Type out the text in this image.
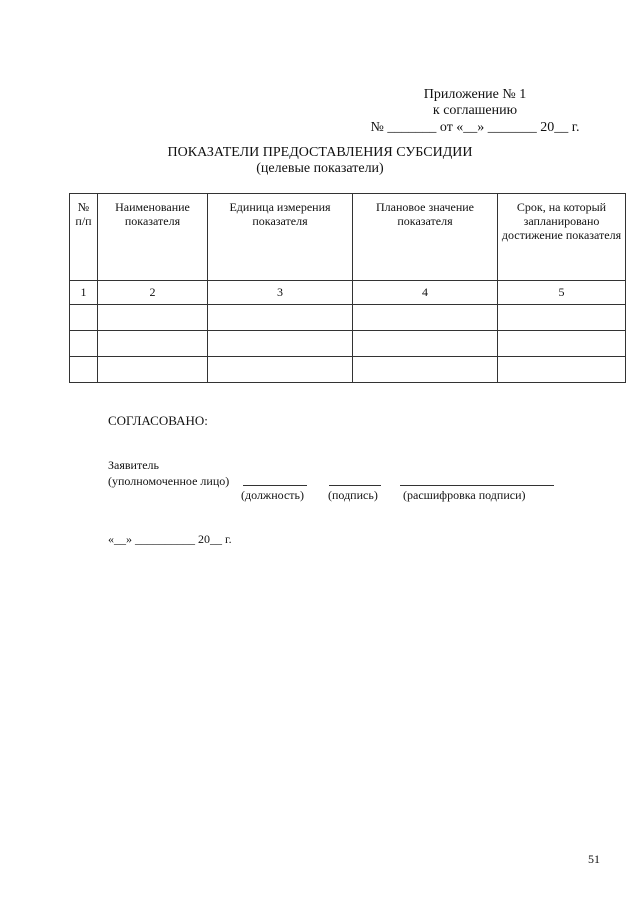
Приложение № 1
к соглашению
№ _______ от «__» _______ 20__ г.
ПОКАЗАТЕЛИ ПРЕДОСТАВЛЕНИЯ СУБСИДИИ
(целевые показатели)
№ п/п	Наименование показателя	Единица измерения показателя	Плановое значение показателя	Срок, на который запланировано достижение показателя
1	2	3	4	5

СОГЛАСОВАНО:
Заявитель
(уполномоченное лицо)
(должность) (подпись) (расшифровка подписи)
«__» __________ 20__ г.
51
